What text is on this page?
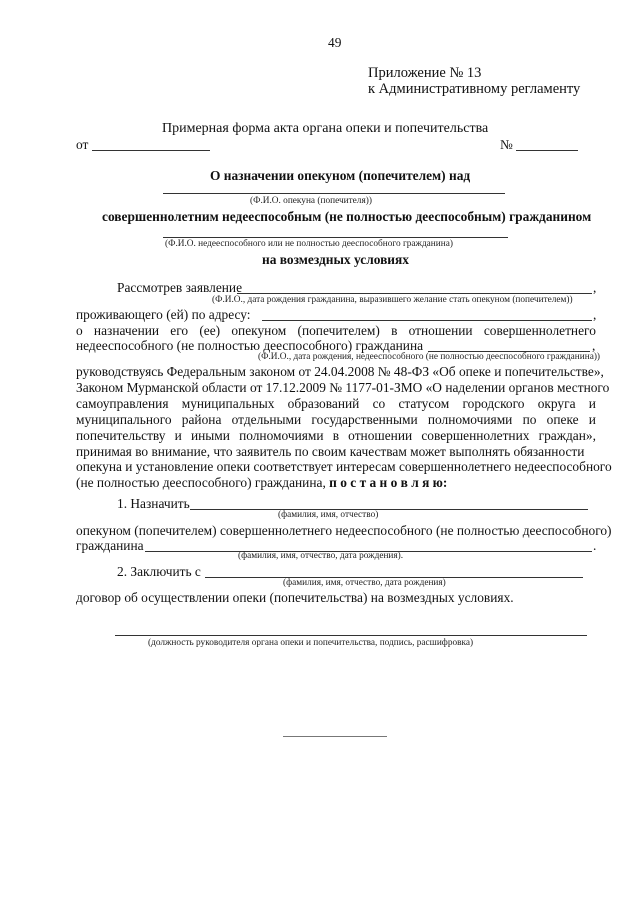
49
Приложение № 13
к Административному регламенту
Примерная форма акта органа опеки и попечительства
от	№
О назначении опекуном (попечителем) над
(Ф.И.О. опекуна (попечителя))
совершеннолетним недееспособным (не полностью дееспособным) гражданином
(Ф.И.О. недееспособного или не полностью дееспособного гражданина)
на возмездных условиях
Рассмотрев заявление	,
(Ф.И.О., дата рождения гражданина, выразившего желание стать опекуном (попечителем))
проживающего (ей) по адресу:	,
о назначении его (ее) опекуном (попечителем) в отношении совершеннолетнего
недееспособного (не полностью дееспособного) гражданина	,
(Ф.И.О., дата рождения, недееспособного (не полностью дееспособного гражданина))
руководствуясь Федеральным законом от 24.04.2008 № 48-ФЗ «Об опеке и попечительстве»,
Законом Мурманской области от 17.12.2009 № 1177-01-ЗМО «О наделении органов местного
самоуправления муниципальных образований со статусом городского округа и
муниципального района отдельными государственными полномочиями по опеке и
попечительству и иными полномочиями в отношении совершеннолетних граждан»,
принимая во внимание, что заявитель по своим качествам может выполнять обязанности
опекуна и установление опеки соответствует интересам совершеннолетнего недееспособного
(не полностью дееспособного) гражданина, п о с т а н о в л я ю:
1. Назначить
(фамилия, имя, отчество)
опекуном (попечителем) совершеннолетнего недееспособного (не полностью дееспособного)
гражданина	.
(фамилия, имя, отчество, дата рождения).
2. Заключить с
(фамилия, имя, отчество, дата рождения)
договор об осуществлении опеки (попечительства) на возмездных условиях.
(должность руководителя органа опеки и попечительства, подпись, расшифровка)
